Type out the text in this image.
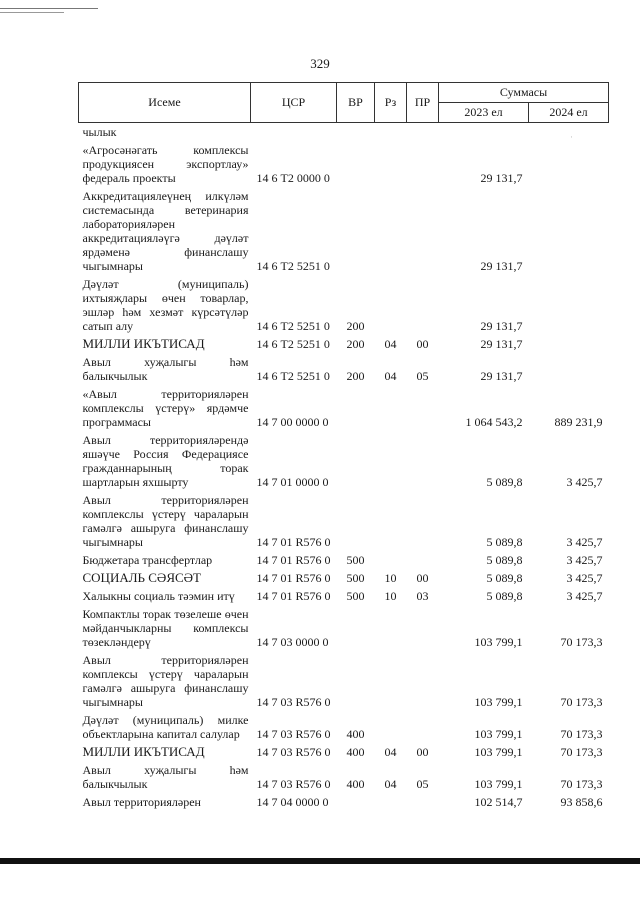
329
Исеме	ЦСР	ВР	Рз	ПР	Суммасы	
					2023 ел	2024 ел
чылык						
«Агросәнәгать комплексы продукциясен экспортлау» федераль проекты	14 6 Т2 0000 0				29 131,7	
Аккредитациялеүнең илкүләм системасында ветеринария лабораторияләрен аккредитацияләүгә дәүләт ярдәменә финанслашу чыгымнары	14 6 Т2 5251 0				29 131,7	
Дәүләт (муниципаль) ихтыяҗлары өчен товарлар, эшләр һәм хезмәт күрсәтүләр сатып алу	14 6 Т2 5251 0	200			29 131,7	
МИЛЛИ ИКЪТИСАД	14 6 Т2 5251 0	200	04	00	29 131,7	
Авыл хуҗалыгы һәм балыкчылык	14 6 Т2 5251 0	200	04	05	29 131,7	
«Авыл территорияләрен комплекслы үстерү» ярдәмче программасы	14 7 00 0000 0				1 064 543,2	889 231,9
Авыл территорияләрендә яшәүче Россия Федерациясе гражданнарының торак шартларын яхшырту	14 7 01 0000 0				5 089,8	3 425,7
Авыл территорияләрен комплекслы үстерү чараларын гамәлгә ашыруга финанслашу чыгымнары	14 7 01 R576 0				5 089,8	3 425,7
Бюджетара трансфертлар	14 7 01 R576 0	500			5 089,8	3 425,7
СОЦИАЛЬ СӘЯСӘТ	14 7 01 R576 0	500	10	00	5 089,8	3 425,7
Халыкны социаль тәэмин итү	14 7 01 R576 0	500	10	03	5 089,8	3 425,7
Компактлы торак төзелеше өчен мәйданчыкларны комплексы төзекләндерү	14 7 03 0000 0				103 799,1	70 173,3
Авыл территорияләрен комплексы үстерү чараларын гамәлгә ашыруга финанслашу чыгымнары	14 7 03 R576 0				103 799,1	70 173,3
Дәүләт (муниципаль) милке объектларына капитал салулар	14 7 03 R576 0	400			103 799,1	70 173,3
МИЛЛИ ИКЪТИСАД	14 7 03 R576 0	400	04	00	103 799,1	70 173,3
Авыл хуҗалыгы һәм балыкчылык	14 7 03 R576 0	400	04	05	103 799,1	70 173,3
Авыл территорияләрен	14 7 04 0000 0				102 514,7	93 858,6
·
